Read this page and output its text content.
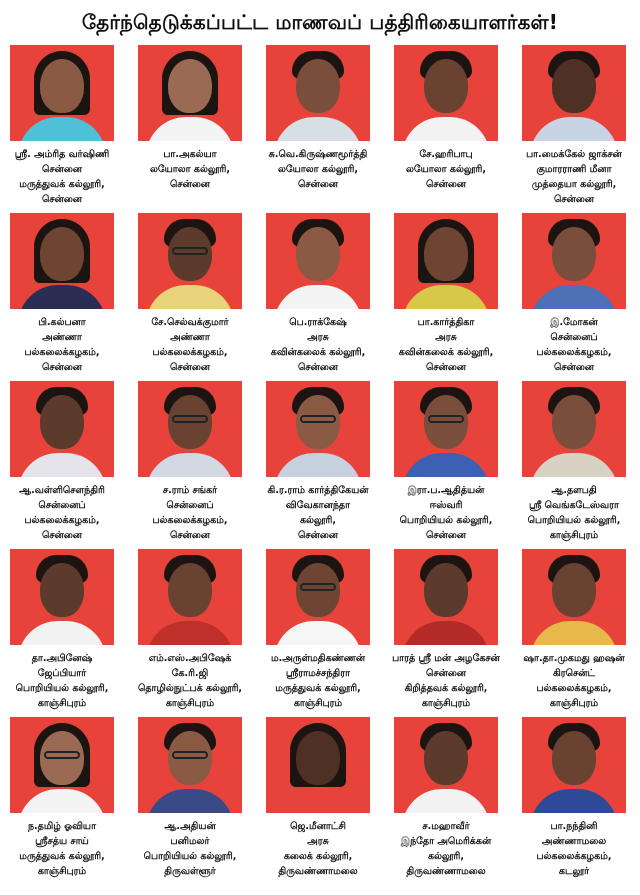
தேர்ந்தெடுக்கப்பட்ட மாணவப் பத்திரிகையாளர்கள்!
ஸ்ரீ. அம்ரித வர்ஷிணி
சென்னை
மருத்துவக் கல்லூரி,
சென்னை
பா.அகல்யா
லயோலா கல்லூரி,
சென்னை
சு.வெ.கிருஷ்ணமூர்த்தி
லயோலா கல்லூரி,
சென்னை
சே.ஹரிபாபு
லயோலா கல்லூரி,
சென்னை
பா.மைக்கேல் ஜாக்சன்
குமாரராணி மீனா
முத்தையா கல்லூரி,
சென்னை
பி.கல்பனா
அண்ணா
பல்கலைக்கழகம்,
சென்னை
சே.செல்வக்குமார்
அண்ணா
பல்கலைக்கழகம்,
சென்னை
பெ.ராக்கேஷ்
அரசு
கவின்கலைக் கல்லூரி,
சென்னை
பா.கார்த்திகா
அரசு
கவின்கலைக் கல்லூரி,
சென்னை
இ.மோகன்
சென்னைப்
பல்கலைக்கழகம்,
சென்னை
ஆ.வள்ளிசெளந்திரி
சென்னைப்
பல்கலைக்கழகம்,
சென்னை
ச.ராம் சங்கர்
சென்னைப்
பல்கலைக்கழகம்,
சென்னை
கி.ர.ராம் கார்த்திகேயன்
விவேகானந்தா
கல்லூரி,
சென்னை
இரா.ப.ஆதித்யன்
ஈஸ்வரி
பொறியியல் கல்லூரி,
சென்னை
ஆ.தளபதி
ஸ்ரீ வெங்கடேஸ்வரா
பொறியியல் கல்லூரி,
காஞ்சிபுரம்
தா.அபினேஷ்
ஜேப்பியார்
பொறியியல் கல்லூரி,
காஞ்சிபுரம்
எம்.எஸ்.அபிஷேக்
கே.ரி.ஜி
தொழில்நுட்பக் கல்லூரி,
காஞ்சிபுரம்
ம.அருள்மதிகண்ணன்
ஸ்ரீராமச்சந்திரா
மருத்துவக் கல்லூரி,
காஞ்சிபுரம்
பாரத் ஸ்ரீ மன் அழகேசன்
சென்னை
கிறித்தவக் கல்லூரி,
காஞ்சிபுரம்
ஷா.தா.முகமது ஹஷன்
கிரசென்ட்
பல்கலைக்கழகம்,
காஞ்சிபுரம்
ந.தமிழ் ஓவியா
ஸ்ரீசத்ய சாய்
மருத்துவக் கல்லூரி,
காஞ்சிபுரம்
ஆ.அதியன்
பனிமலர்
பொறியியல் கல்லூரி,
திருவள்ளூர்
ஜெ.மீனாட்சி
அரசு
கலைக் கல்லூரி,
திருவண்ணாமலை
ச.மஹாவீர்
இந்தோ அமெரிக்கன்
கல்லூரி,
திருவண்ணாமலை
பா.நந்தினி
அண்ணாமலை
பல்கலைக்கழகம்,
கடலூர்
